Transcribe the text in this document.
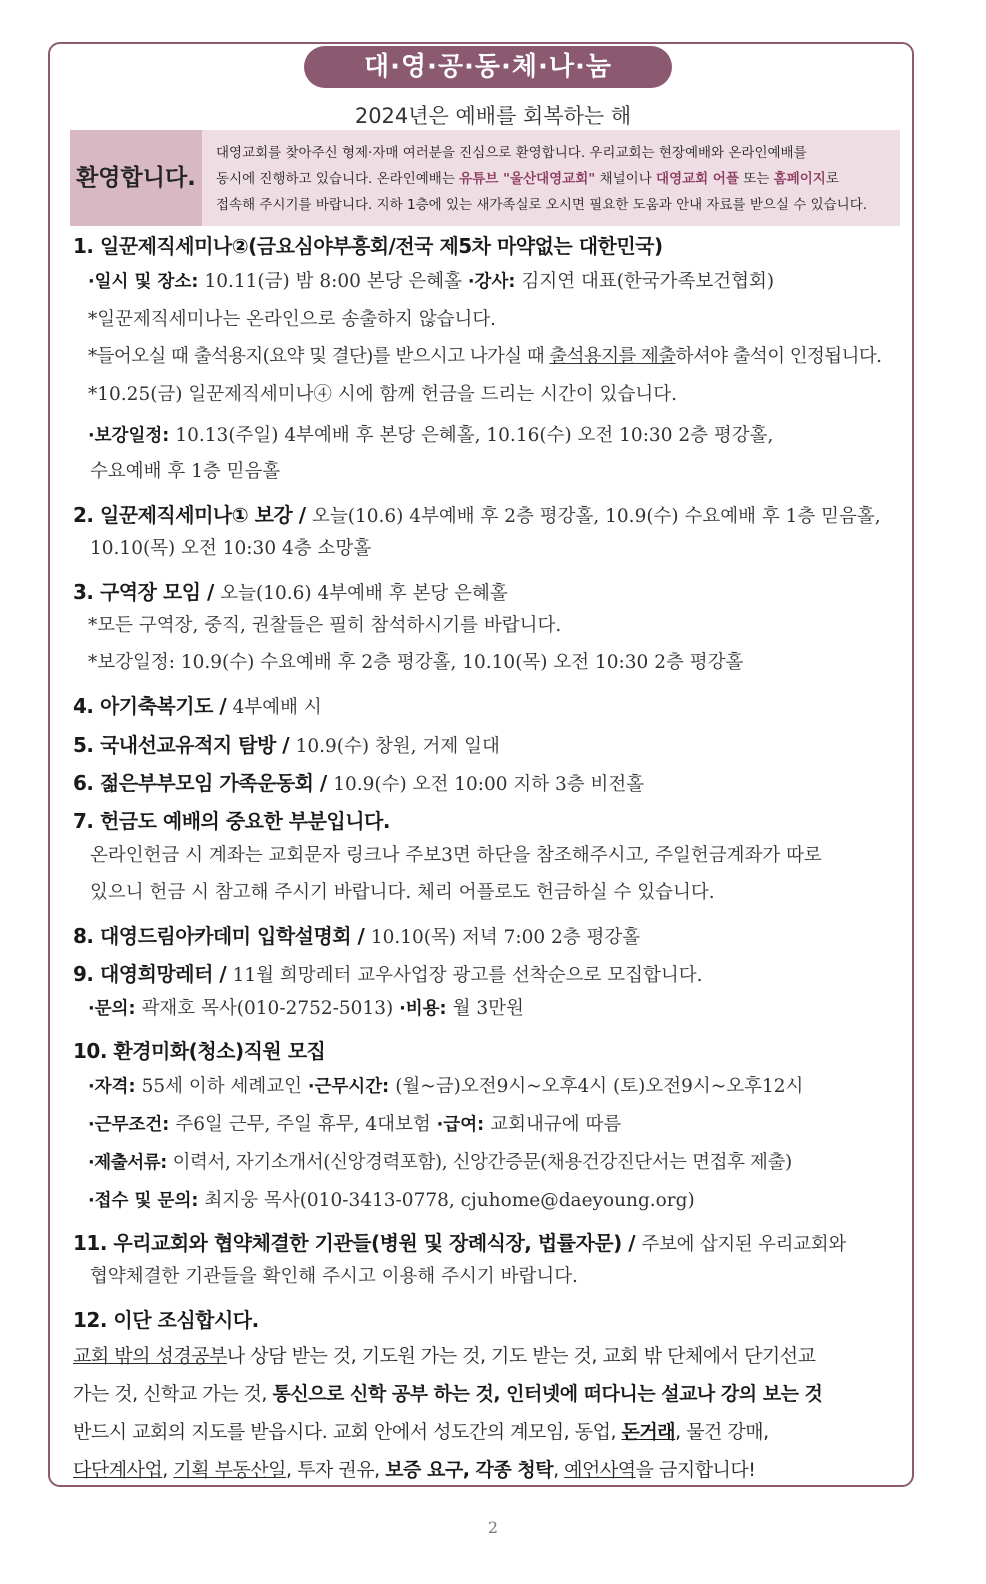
대·영·공·동·체·나·눔
2024년은 예배를 회복하는 해
환영합니다.
대영교회를 찾아주신 형제·자매 여러분을 진심으로 환영합니다. 우리교회는 현장예배와 온라인예배를
동시에 진행하고 있습니다. 온라인예배는 유튜브 "울산대영교회" 채널이나 대영교회 어플 또는 홈페이지로
접속해 주시기를 바랍니다. 지하 1층에 있는 새가족실로 오시면 필요한 도움과 안내 자료를 받으실 수 있습니다.
1. 일꾼제직세미나②(금요심야부흥회/전국 제5차 마약없는 대한민국)
·일시 및 장소: 10.11(금) 밤 8:00 본당 은혜홀 ·강사: 김지연 대표(한국가족보건협회)
*일꾼제직세미나는 온라인으로 송출하지 않습니다.
*들어오실 때 출석용지(요약 및 결단)를 받으시고 나가실 때 출석용지를 제출하셔야 출석이 인정됩니다.
*10.25(금) 일꾼제직세미나④ 시에 함께 헌금을 드리는 시간이 있습니다.
·보강일정: 10.13(주일) 4부예배 후 본당 은혜홀, 10.16(수) 오전 10:30 2층 평강홀,
수요예배 후 1층 믿음홀
2. 일꾼제직세미나① 보강 / 오늘(10.6) 4부예배 후 2층 평강홀, 10.9(수) 수요예배 후 1층 믿음홀,
10.10(목) 오전 10:30 4층 소망홀
3. 구역장 모임 / 오늘(10.6) 4부예배 후 본당 은혜홀
*모든 구역장, 중직, 권찰들은 필히 참석하시기를 바랍니다.
*보강일정: 10.9(수) 수요예배 후 2층 평강홀, 10.10(목) 오전 10:30 2층 평강홀
4. 아기축복기도 / 4부예배 시
5. 국내선교유적지 탐방 / 10.9(수) 창원, 거제 일대
6. 젊은부부모임 가족운동회 / 10.9(수) 오전 10:00 지하 3층 비전홀
7. 헌금도 예배의 중요한 부분입니다.
온라인헌금 시 계좌는 교회문자 링크나 주보3면 하단을 참조해주시고, 주일헌금계좌가 따로
있으니 헌금 시 참고해 주시기 바랍니다. 체리 어플로도 헌금하실 수 있습니다.
8. 대영드림아카데미 입학설명회 / 10.10(목) 저녁 7:00 2층 평강홀
9. 대영희망레터 / 11월 희망레터 교우사업장 광고를 선착순으로 모집합니다.
·문의: 곽재호 목사(010-2752-5013) ·비용: 월 3만원
10. 환경미화(청소)직원 모집
·자격: 55세 이하 세례교인 ·근무시간: (월~금)오전9시~오후4시 (토)오전9시~오후12시
·근무조건: 주6일 근무, 주일 휴무, 4대보험 ·급여: 교회내규에 따름
·제출서류: 이력서, 자기소개서(신앙경력포함), 신앙간증문(채용건강진단서는 면접후 제출)
·접수 및 문의: 최지웅 목사(010-3413-0778, cjuhome@daeyoung.org)
11. 우리교회와 협약체결한 기관들(병원 및 장례식장, 법률자문) / 주보에 삽지된 우리교회와
협약체결한 기관들을 확인해 주시고 이용해 주시기 바랍니다.
12. 이단 조심합시다.
교회 밖의 성경공부나 상담 받는 것, 기도원 가는 것, 기도 받는 것, 교회 밖 단체에서 단기선교
가는 것, 신학교 가는 것, 통신으로 신학 공부 하는 것, 인터넷에 떠다니는 설교나 강의 보는 것
반드시 교회의 지도를 받읍시다. 교회 안에서 성도간의 계모임, 동업, 돈거래, 물건 강매,
다단계사업, 기획 부동산일, 투자 권유, 보증 요구, 각종 청탁, 예언사역을 금지합니다!
2
